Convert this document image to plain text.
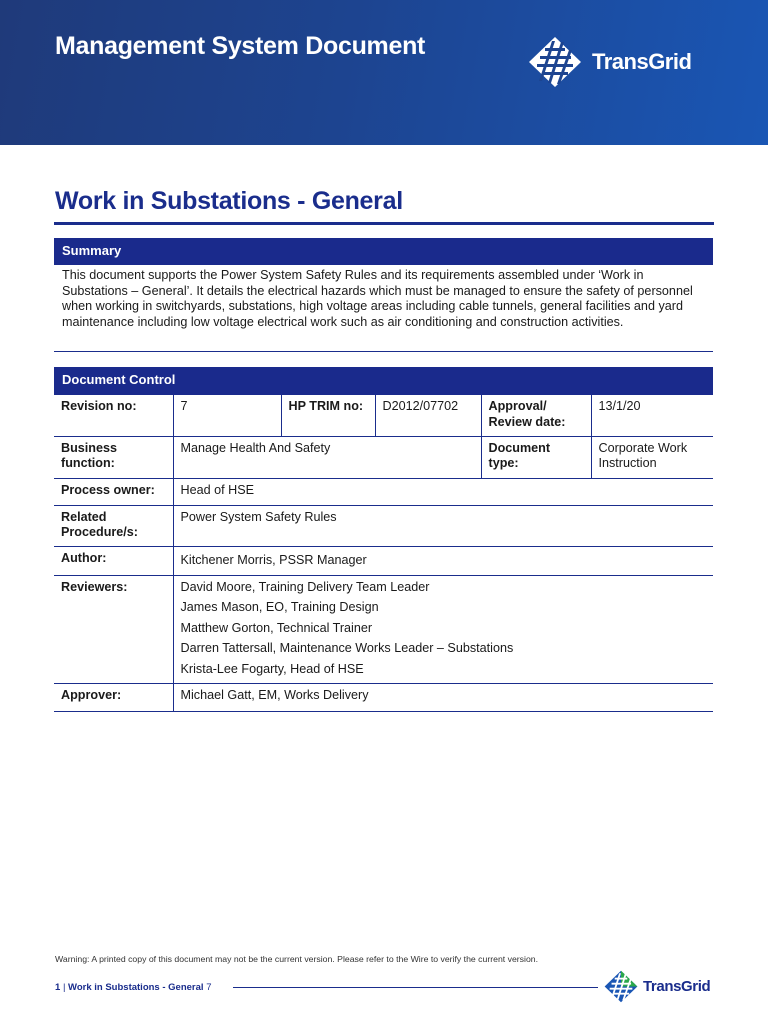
Management System Document
TransGrid
Work in Substations - General
Summary
This document supports the Power System Safety Rules and its requirements assembled under ‘Work in Substations – General’. It details the electrical hazards which must be managed to ensure the safety of personnel when working in switchyards, substations, high voltage areas including cable tunnels, general facilities and yard maintenance including low voltage electrical work such as air conditioning and construction activities.
Document Control
Revision no:	7	HP TRIM no:	D2012/07702	Approval/ Review date:	13/1/20
Business function:	Manage Health And Safety			Document type:	Corporate Work Instruction
Process owner:	Head of HSE				
Related Procedure/s:	Power System Safety Rules				
Author:	Kitchener Morris, PSSR Manager				
Reviewers:	David Moore, Training Delivery Team Leader
James Mason, EO, Training Design
Matthew Gorton, Technical Trainer
Darren Tattersall, Maintenance Works Leader – Substations
Krista-Lee Fogarty, Head of HSE				

Approver:	Michael Gatt, EM, Works Delivery				
Warning: A printed copy of this document may not be the current version. Please refer to the Wire to verify the current version.
1 | Work in Substations - General 7	TransGrid
